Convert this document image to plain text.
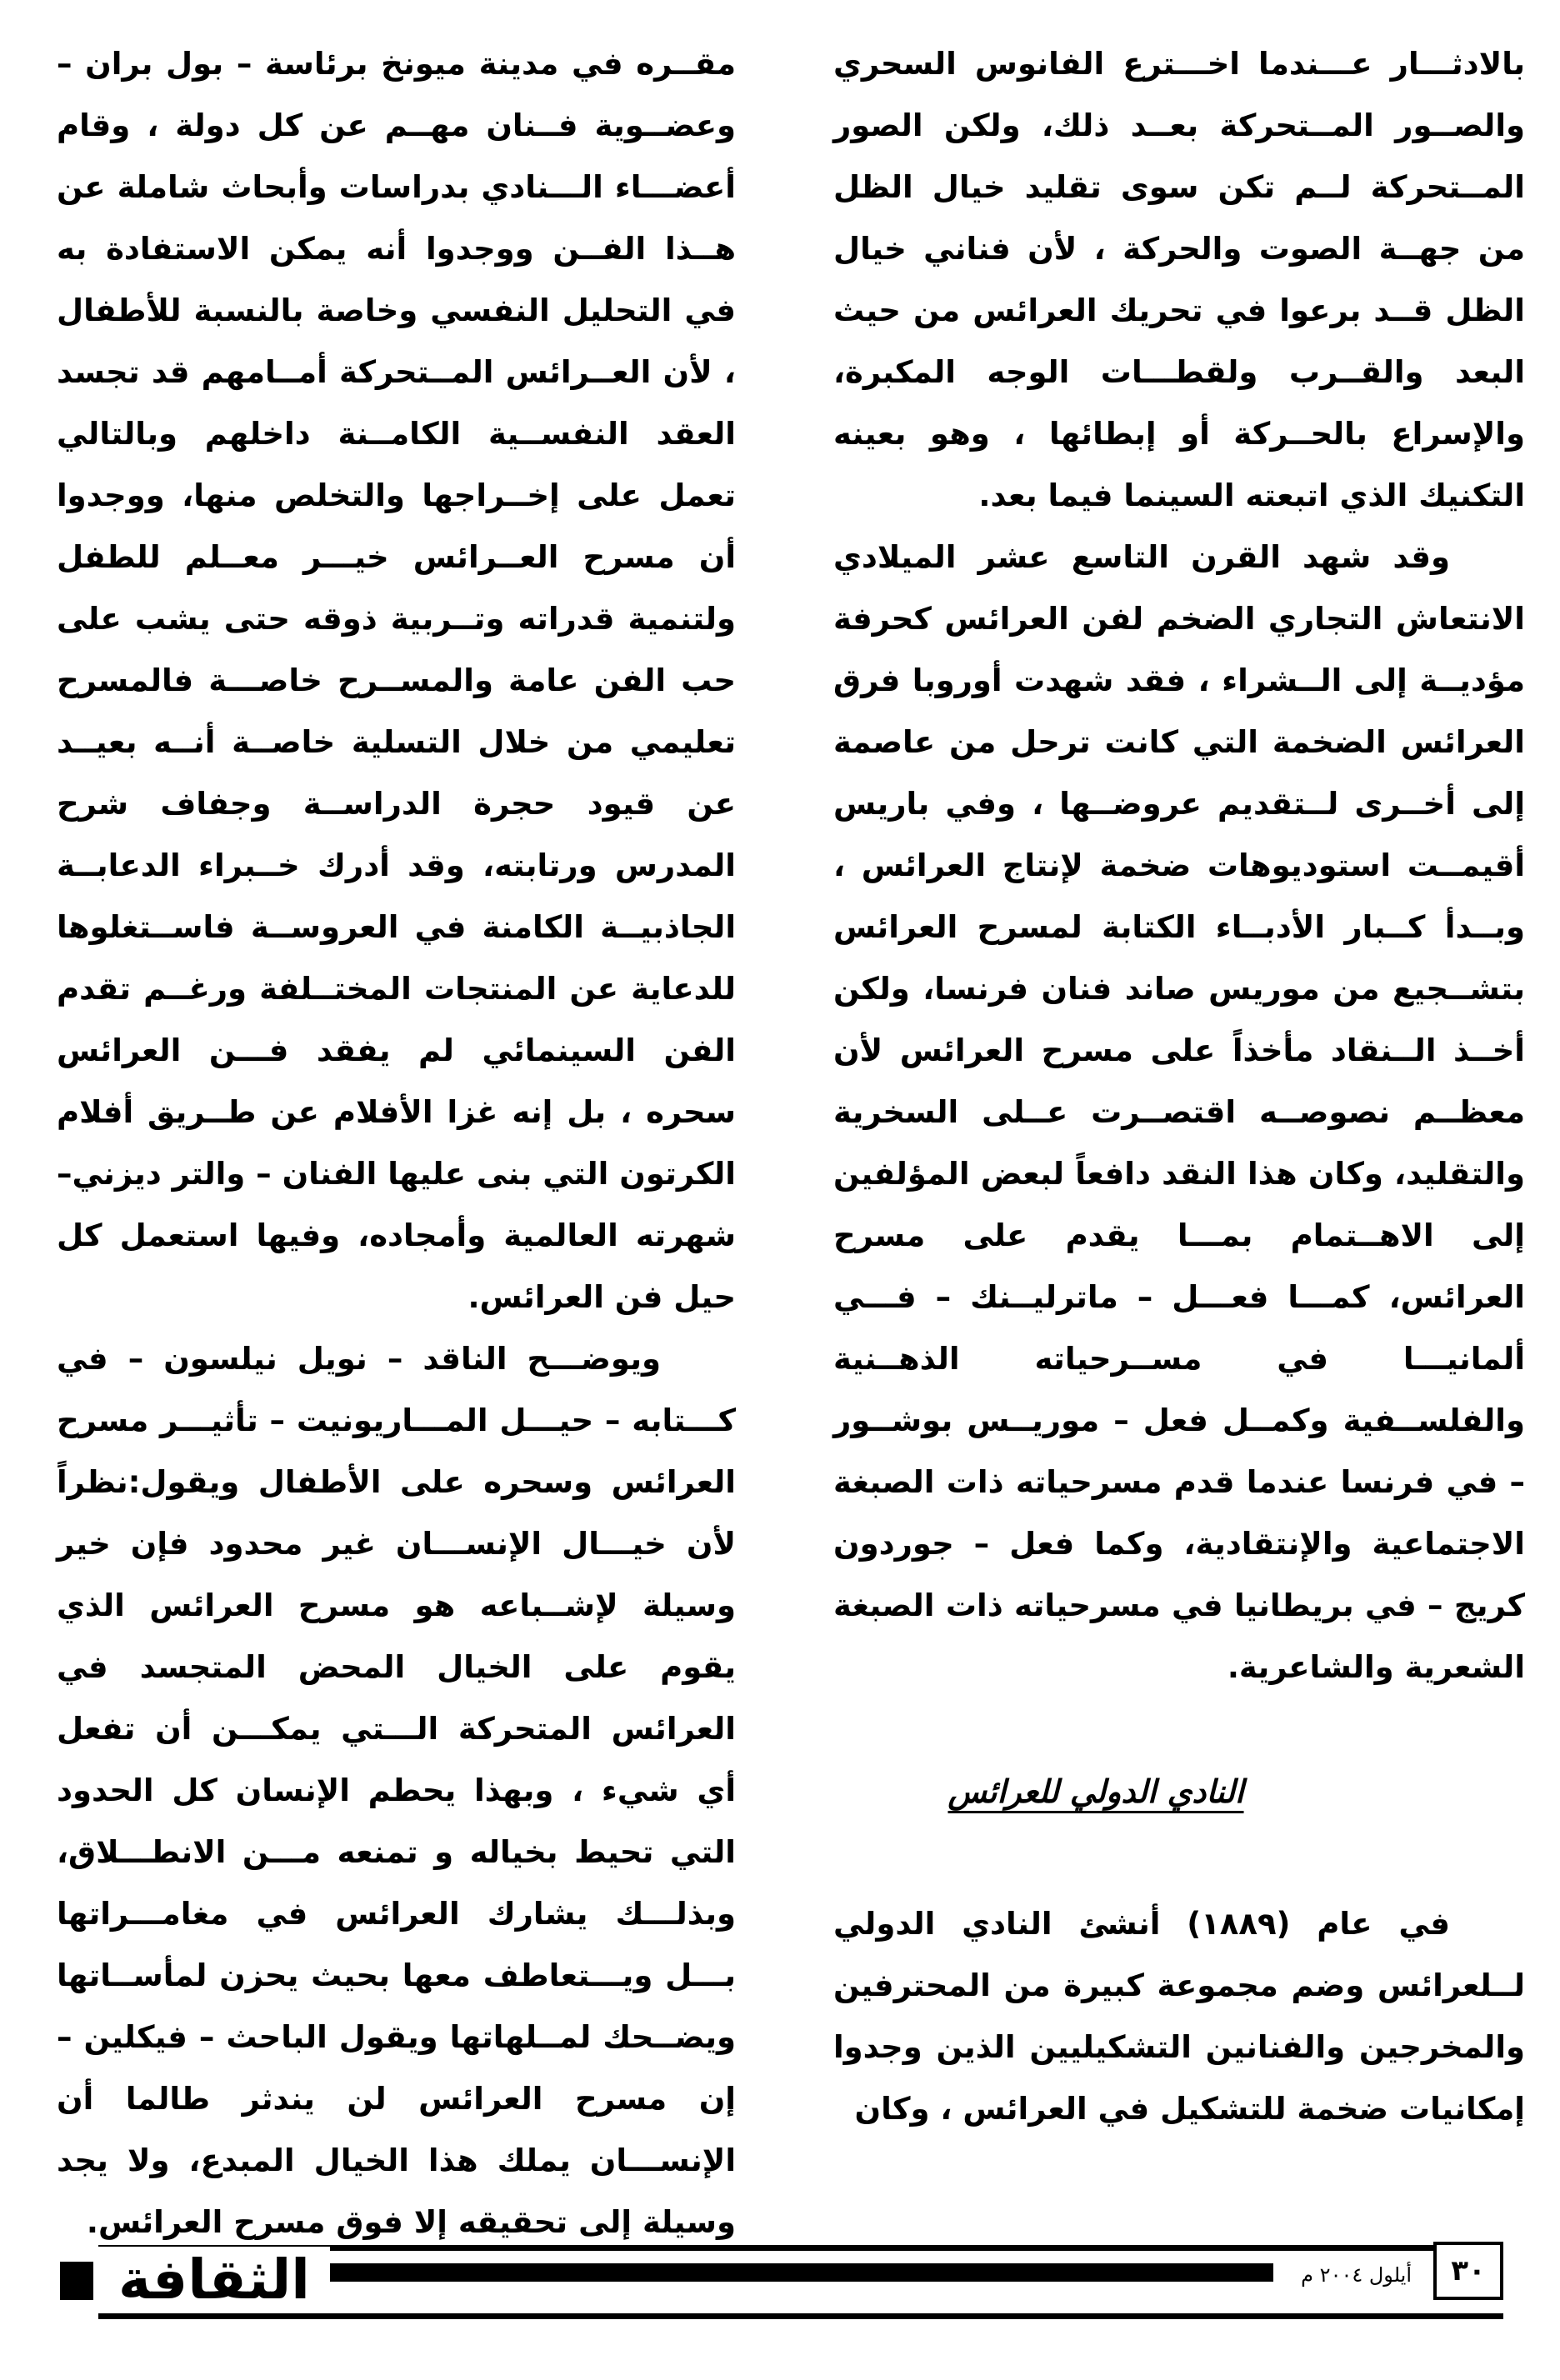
بالادثـــار عـــندما اخـــترع الفانوس السحري والصــور المــتحركة بعــد ذلك، ولكن الصور المــتحركة لــم تكن سوى تقليد خيال الظل من جهــة الصوت والحركة ، لأن فناني خيال الظل قــد برعوا في تحريك العرائس من حيث البعد والقــرب ولقطـــات الوجه المكبرة، والإسراع بالحــركة أو إبطائها ، وهو بعينه التكنيك الذي اتبعته السينما فيما بعد.

وقد شهد القرن التاسع عشر الميلادي الانتعاش التجاري الضخم لفن العرائس كحرفة مؤديــة إلى الــشراء ، فقد شهدت أوروبا فرق العرائس الضخمة التي كانت ترحل من عاصمة إلى أخــرى لــتقديم عروضــها ، وفي باريس أقيمــت استوديوهات ضخمة لإنتاج العرائس ، وبــدأ كــبار الأدبــاء الكتابة لمسرح العرائس بتشــجيع من موريس صاند فنان فرنسا، ولكن أخــذ الــنقاد مأخذاً على مسرح العرائس لأن معظــم نصوصــه اقتصــرت عــلى السخرية والتقليد، وكان هذا النقد دافعاً لبعض المؤلفين إلى الاهــتمام بمـــا يقدم على مسرح العرائس، كمـــا فعـــل – ماترليــنك – فـــي ألمانيـــا في مســرحياته الذهــنية والفلســفية وكمــل فعل – موريــس بوشــور – في فرنسا عندما قدم مسرحياته ذات الصبغة الاجتماعية والإنتقادية، وكما فعل – جوردون كريج – في بريطانيا في مسرحياته ذات الصبغة الشعرية والشاعرية.

النادي الدولي للعرائس

في عام (١٨٨٩) أنشئ النادي الدولي لــلعرائس وضم مجموعة كبيرة من المحترفين والمخرجين والفنانين التشكيليين الذين وجدوا إمكانيات ضخمة للتشكيل في العرائس ، وكان

مقــره في مدينة ميونخ برئاسة – بول بران – وعضــوية فــنان مهــم عن كل دولة ، وقام أعضـــاء الـــنادي بدراسات وأبحاث شاملة عن هــذا الفــن ووجدوا أنه يمكن الاستفادة به في التحليل النفسي وخاصة بالنسبة للأطفال ، لأن العــرائس المــتحركة أمــامهم قد تجسد العقد النفســية الكامــنة داخلهم وبالتالي تعمل على إخــراجها والتخلص منها، ووجدوا أن مسرح العــرائس خيـــر معــلم للطفل ولتنمية قدراته وتــربية ذوقه حتى يشب على حب الفن عامة والمســرح خاصـــة فالمسرح تعليمي من خلال التسلية خاصــة أنــه بعيــد عن قيود حجرة الدراســة وجفاف شرح المدرس ورتابته، وقد أدرك خــبراء الدعابــة الجاذبيــة الكامنة في العروســة فاســتغلوها للدعاية عن المنتجات المختــلفة ورغــم تقدم الفن السينمائي لم يفقد فـــن العرائس سحره ، بل إنه غزا الأفلام عن طــريق أفلام الكرتون التي بنى عليها الفنان – والتر ديزني– شهرته العالمية وأمجاده، وفيها استعمل كل حيل فن العرائس.

ويوضـــح الناقد – نويل نيلسون – في كـــتابه – حيـــل المـــاريونيت – تأثيـــر مسرح العرائس وسحره على الأطفال ويقول:نظراً لأن خيـــال الإنســـان غير محدود فإن خير وسيلة لإشــباعه هو مسرح العرائس الذي يقوم على الخيال المحض المتجسد في العرائس المتحركة الـــتي يمكـــن أن تفعل أي شيء ، وبهذا يحطم الإنسان كل الحدود التي تحيط بخياله و تمنعه مـــن الانطـــلاق، وبذلـــك يشارك العرائس في مغامـــراتها بـــل ويـــتعاطف معها بحيث يحزن لمأســاتها ويضــحك لمــلهاتها ويقول الباحث – فيكلين – إن مسرح العرائس لن يندثر طالما أن الإنســـان يملك هذا الخيال المبدع، ولا يجد وسيلة إلى تحقيقه إلا فوق مسرح العرائس.

الثقافة	أيلول ٢٠٠٤ م	٣٠
